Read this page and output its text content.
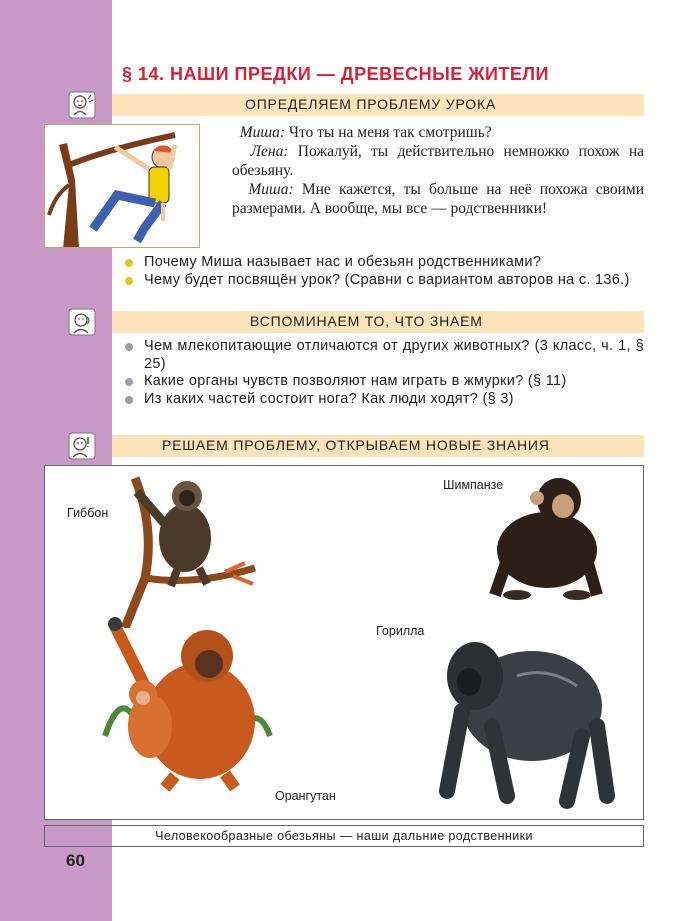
60
§ 14. НАШИ ПРЕДКИ — ДРЕВЕСНЫЕ ЖИТЕЛИ
ОПРЕДЕЛЯЕМ ПРОБЛЕМУ УРОКА

Миша: Что ты на меня так смотришь?

Лена: Пожалуй, ты действительно немножко похож на обезьяну.

Миша: Мне кажется, ты больше на неё похожа своими размерами. А вообще, мы все — родственники!

Почему Миша называет нас и обезьян родственниками?
Чему будет посвящён урок? (Сравни с вариантом авторов на с. 136.)
ВСПОМИНАЕМ ТО, ЧТО ЗНАЕМ
Чем млекопитающие отличаются от других животных? (3 класс, ч. 1, § 25)
Какие органы чувств позволяют нам играть в жмурки? (§ 11)
Из каких частей состоит нога? Как люди ходят? (§ 3)
РЕШАЕМ ПРОБЛЕМУ, ОТКРЫВАЕМ НОВЫЕ ЗНАНИЯ
Гиббон
Шимпанзе
Орангутан
Горилла
Человекообразные обезьяны — наши дальние родственники
